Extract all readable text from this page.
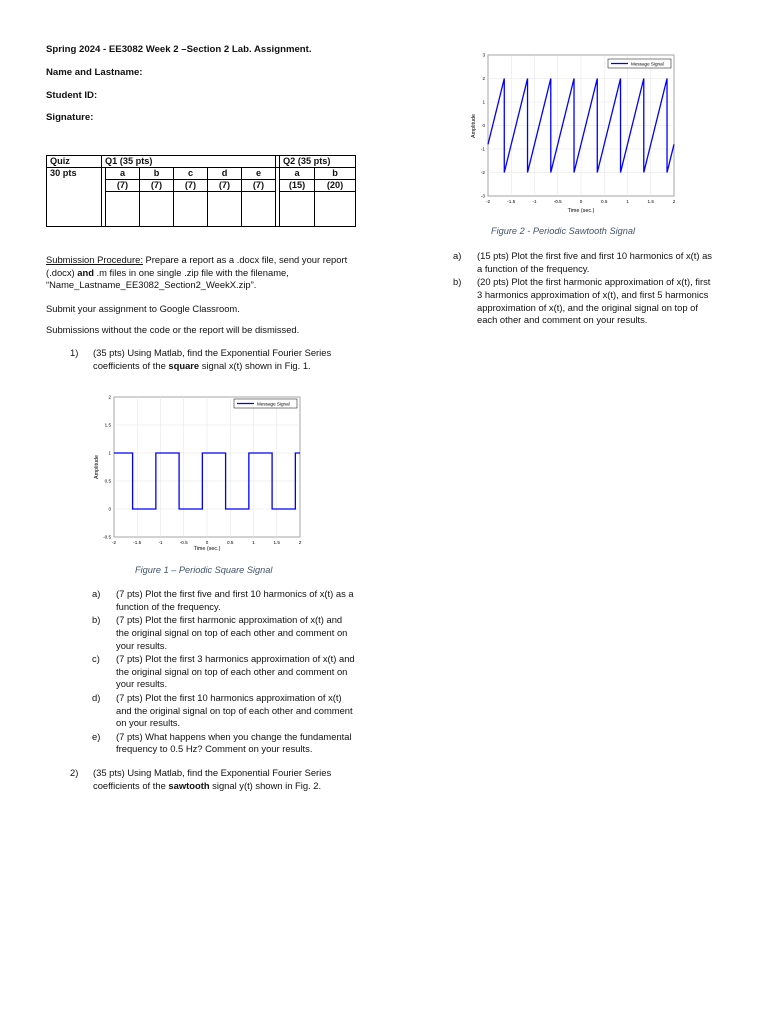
Spring 2024 - EE3082 Week 2 –Section 2 Lab. Assignment.
Name and Lastname:
Student ID:
Signature:
Quiz	Q1 (35 pts)							Q2 (35 pts)	
30 pts		a	b	c	d	e		a	b
		(7)	(7)	(7)	(7)	(7)		(15)	(20)

Submission Procedure: Prepare a report as a .docx file, send your report

(.docx) and .m files in one single .zip file with the filename,

“Name_Lastname_EE3082_Section2_WeekX.zip”.

Submit your assignment to Google Classroom.
Submissions without the code or the report will be dismissed.
1) (35 pts) Using Matlab, find the Exponential Fourier Series
coefficients of the square signal x(t) shown in Fig. 1.
-2	-1.5	-1	-0.5	0	0.5	1	1.5	2
2
1.5
1
0.5
0
-0.5
Message Signal
Time (sec.)
Amplitude
Figure 1 – Periodic Square Signal
a) (7 pts) Plot the first five and first 10 harmonics of x(t) as a
function of the frequency.
b) (7 pts) Plot the first harmonic approximation of x(t) and
the original signal on top of each other and comment on
your results.
c) (7 pts) Plot the first 3 harmonics approximation of x(t) and
the original signal on top of each other and comment on
your results.
d) (7 pts) Plot the first 10 harmonics approximation of x(t)
and the original signal on top of each other and comment
on your results.
e) (7 pts) What happens when you change the fundamental
frequency to 0.5 Hz? Comment on your results.
2) (35 pts) Using Matlab, find the Exponential Fourier Series
coefficients of the sawtooth signal y(t) shown in Fig. 2.
-2	-1.5	-1	-0.5	0	0.5	1	1.5	2
3
2
1
0
-1
-2
-3
Message Signal
Time (sec.)
Amplitude
Figure 2 - Periodic Sawtooth Signal
a) (15 pts) Plot the first five and first 10 harmonics of x(t) as
a function of the frequency.
b) (20 pts) Plot the first harmonic approximation of x(t), first
3 harmonics approximation of x(t), and first 5 harmonics
approximation of x(t), and the original signal on top of
each other and comment on your results.
